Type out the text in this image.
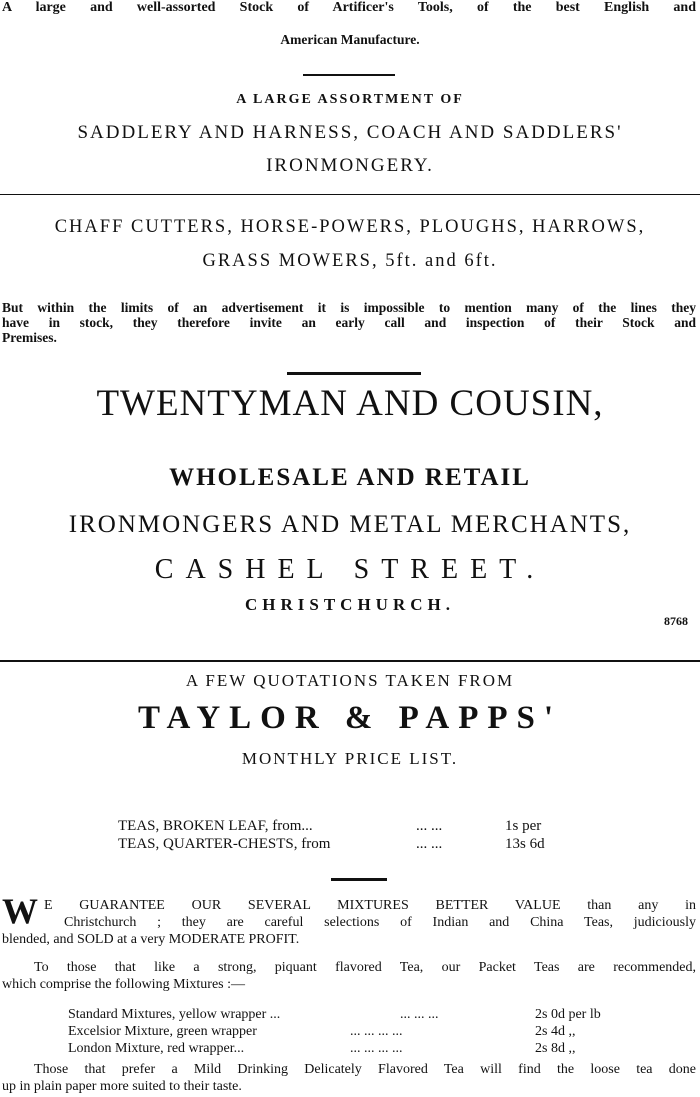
A large and well-assorted Stock of Artificer's Tools, of the best English and
American Manufacture.
A LARGE ASSORTMENT OF
SADDLERY AND HARNESS, COACH AND SADDLERS'
IRONMONGERY.
CHAFF CUTTERS, HORSE-POWERS, PLOUGHS, HARROWS,
GRASS MOWERS, 5ft. and 6ft.
But within the limits of an advertisement it is impossible to mention many of the lines they
have in stock, they therefore invite an early call and inspection of their Stock and
Premises.
TWENTYMAN AND COUSIN,
WHOLESALE AND RETAIL
IRONMONGERS AND METAL MERCHANTS,
CASHEL STREET.
CHRISTCHURCH.
8768
A FEW QUOTATIONS TAKEN FROM
TAYLOR & PAPPS'
MONTHLY PRICE LIST.
TEAS, BROKEN LEAF, from...	... ...	1s per
TEAS, QUARTER-CHESTS, from	... ...	13s 6d
W E GUARANTEE OUR SEVERAL MIXTURES BETTER VALUE than any in
Christchurch ; they are careful selections of Indian and China Teas, judiciously
blended, and SOLD at a very MODERATE PROFIT.
To those that like a strong, piquant flavored Tea, our Packet Teas are recommended,
which comprise the following Mixtures :—
Standard Mixtures, yellow wrapper ...	... ... ...	2s 0d per lb
Excelsior Mixture, green wrapper	... ... ... ...	2s 4d ,,
London Mixture, red wrapper...	... ... ... ...	2s 8d ,,
Those that prefer a Mild Drinking Delicately Flavored Tea will find the loose tea done
up in plain paper more suited to their taste.
